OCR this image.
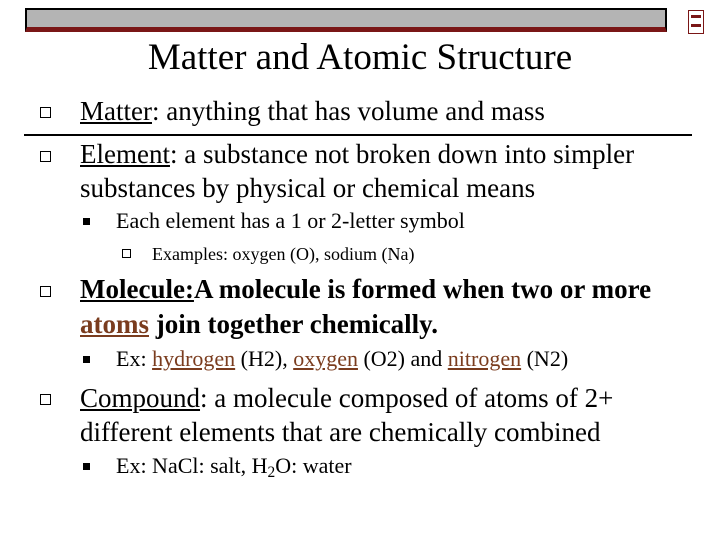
Matter and Atomic Structure
Matter: anything that has volume and mass
Element: a substance not broken down into simpler
substances by physical or chemical means
Each element has a 1 or 2-letter symbol
Examples: oxygen (O), sodium (Na)
Molecule:A molecule is formed when two or more
atoms join together chemically.
Ex: hydrogen (H2), oxygen (O2) and nitrogen (N2)
Compound: a molecule composed of atoms of 2+
different elements that are chemically combined
Ex: NaCl: salt, $H_2O$: water
